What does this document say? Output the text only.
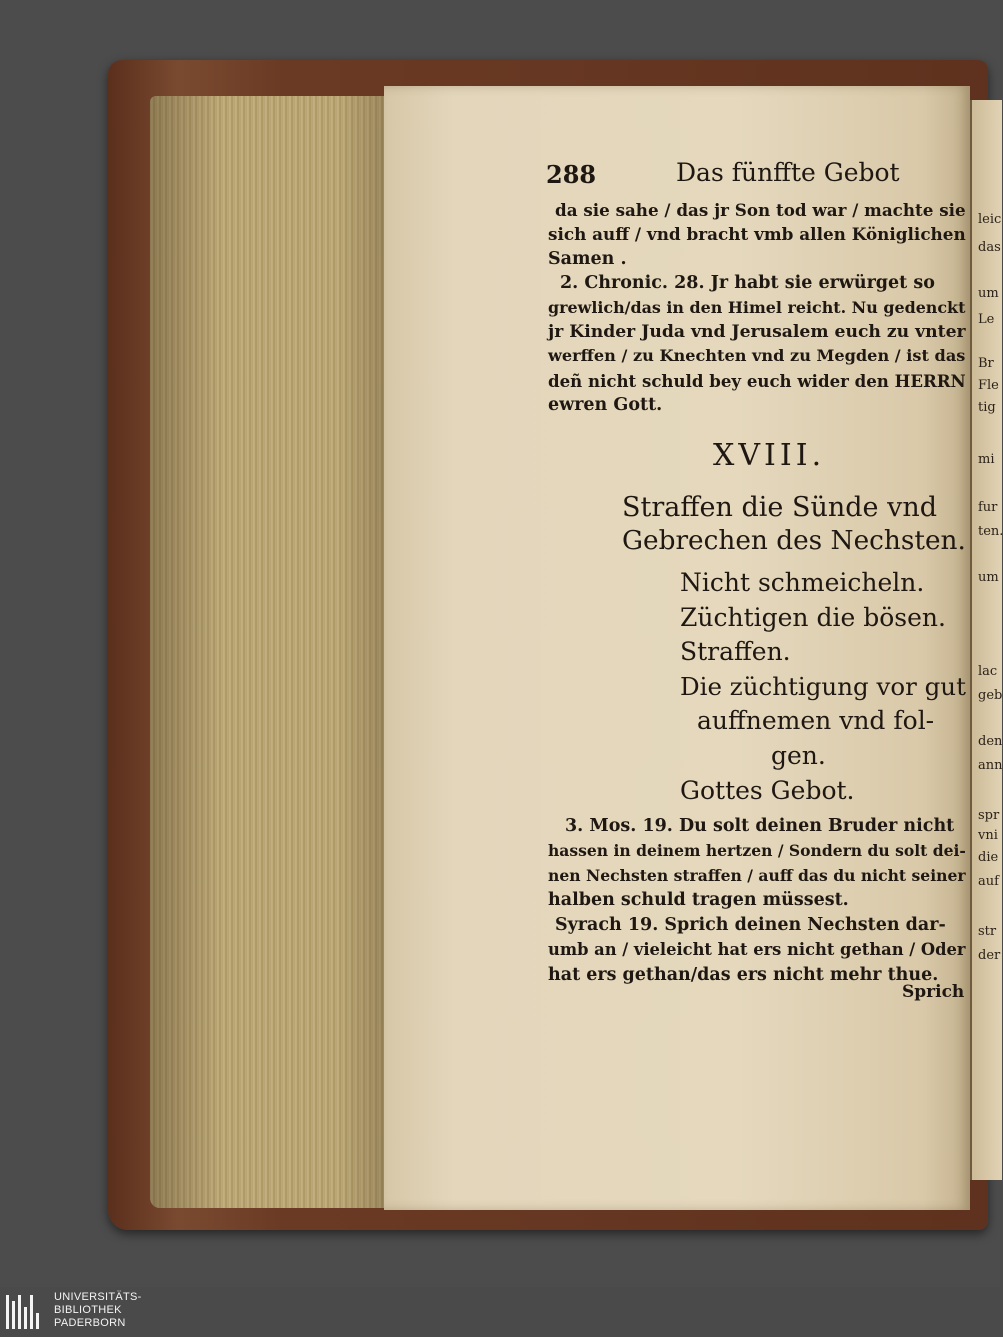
leic
das
um
Le
Br
Fle
tig
mi
fur
ten.
um
lac
geb
den
ann
spr
vni
die
auf
str
der
288	Das fünffte Gebot
da sie sahe / das jr Son tod war / machte sie
sich auff / vnd bracht vmb allen Königlichen
Samen .
2. Chronic. 28. Jr habt sie erwürget so
grewlich/das in den Himel reicht. Nu gedenckt
jr Kinder Juda vnd Jerusalem euch zu vnter
werffen / zu Knechten vnd zu Megden / ist das
deñ nicht schuld bey euch wider den HERRN
ewren Gott.
XVIII.
Straffen die Sünde vnd
Gebrechen des Nechsten.
Nicht schmeicheln.
Züchtigen die bösen.
Straffen.
Die züchtigung vor gut
auffnemen vnd fol-
gen.
Gottes Gebot.
3. Mos. 19. Du solt deinen Bruder nicht
hassen in deinem hertzen / Sondern du solt dei-
nen Nechsten straffen / auff das du nicht seiner
halben schuld tragen müssest.
Syrach 19. Sprich deinen Nechsten dar-
umb an / vieleicht hat ers nicht gethan / Oder
hat ers gethan/das ers nicht mehr thue.
Sprich
UNIVERSITÄTS-
BIBLIOTHEK
PADERBORN
